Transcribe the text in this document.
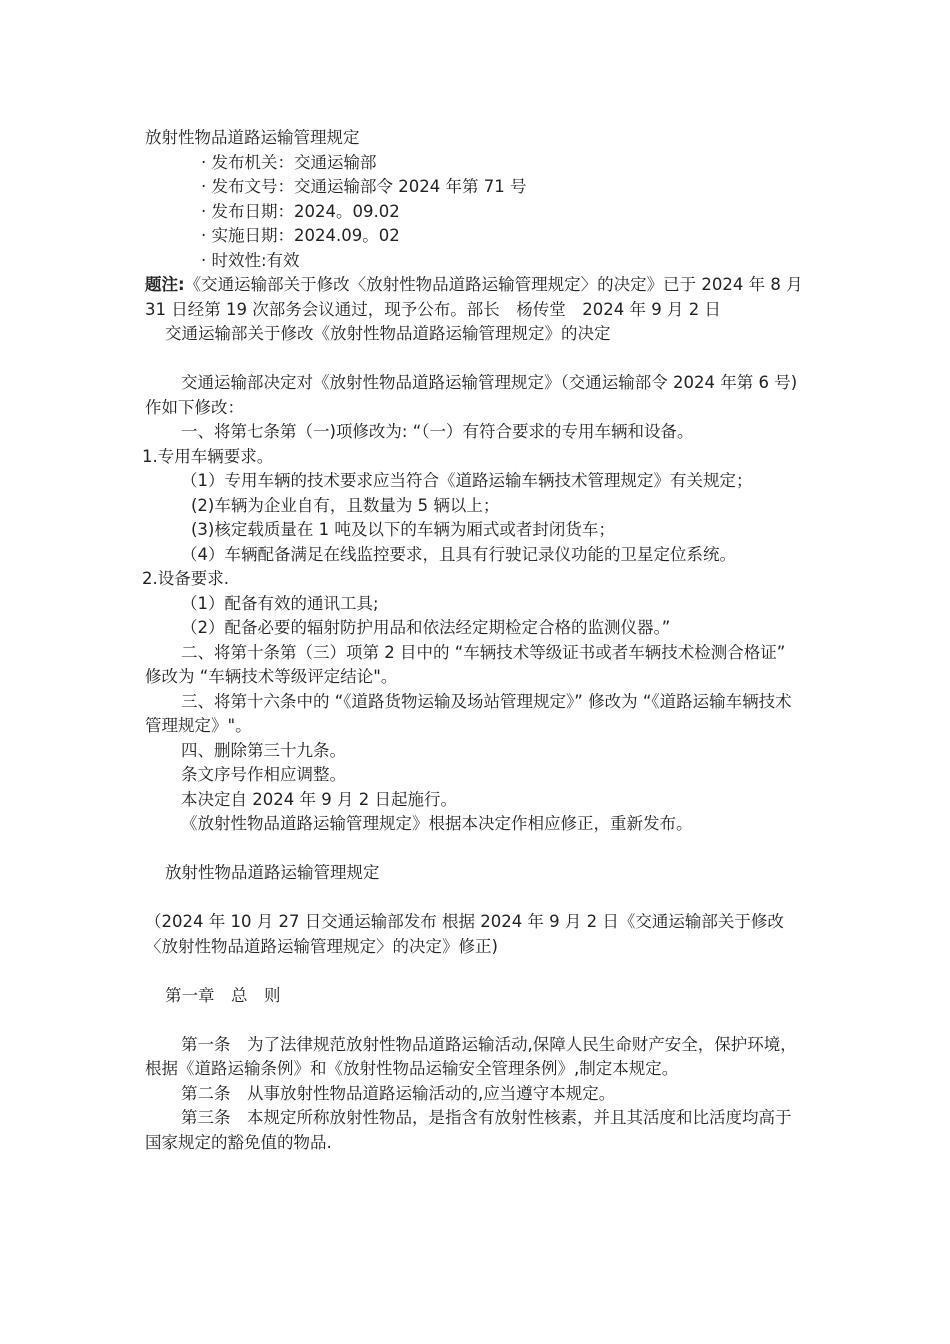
放射性物品道路运输管理规定

· 发布机关：交通运输部

· 发布文号：交通运输部令 2024 年第 71 号

· 发布日期：2024。09.02

· 实施日期：2024.09。02

· 时效性:有效

题注:《交通运输部关于修改〈放射性物品道路运输管理规定〉的决定》已于 2024 年 8 月 31 日经第 19 次部务会议通过，现予公布。部长　杨传堂　2024 年 9 月 2 日

交通运输部关于修改《放射性物品道路运输管理规定》的决定

交通运输部决定对《放射性物品道路运输管理规定》（交通运输部令 2024 年第 6 号)作如下修改：

一、将第七条第（一)项修改为: “（一）有符合要求的专用车辆和设备。

1.专用车辆要求。

（1）专用车辆的技术要求应当符合《道路运输车辆技术管理规定》有关规定；

(2)车辆为企业自有，且数量为 5 辆以上；

(3)核定载质量在 1 吨及以下的车辆为厢式或者封闭货车；

（4）车辆配备满足在线监控要求，且具有行驶记录仪功能的卫星定位系统。

2.设备要求.

（1）配备有效的通讯工具;

（2）配备必要的辐射防护用品和依法经定期检定合格的监测仪器。”

二、将第十条第（三）项第 2 目中的 “车辆技术等级证书或者车辆技术检测合格证” 修改为 “车辆技术等级评定结论"。

三、将第十六条中的 “《道路货物运输及场站管理规定》” 修改为 “《道路运输车辆技术管理规定》"。

四、删除第三十九条。

条文序号作相应调整。

本决定自 2024 年 9 月 2 日起施行。

《放射性物品道路运输管理规定》根据本决定作相应修正，重新发布。

放射性物品道路运输管理规定

（2024 年 10 月 27 日交通运输部发布 根据 2024 年 9 月 2 日《交通运输部关于修改〈放射性物品道路运输管理规定〉的决定》修正)

第一章　总　则

第一条　为了法律规范放射性物品道路运输活动,保障人民生命财产安全，保护环境，根据《道路运输条例》和《放射性物品运输安全管理条例》,制定本规定。

第二条　从事放射性物品道路运输活动的,应当遵守本规定。

第三条　本规定所称放射性物品，是指含有放射性核素，并且其活度和比活度均高于国家规定的豁免值的物品.
